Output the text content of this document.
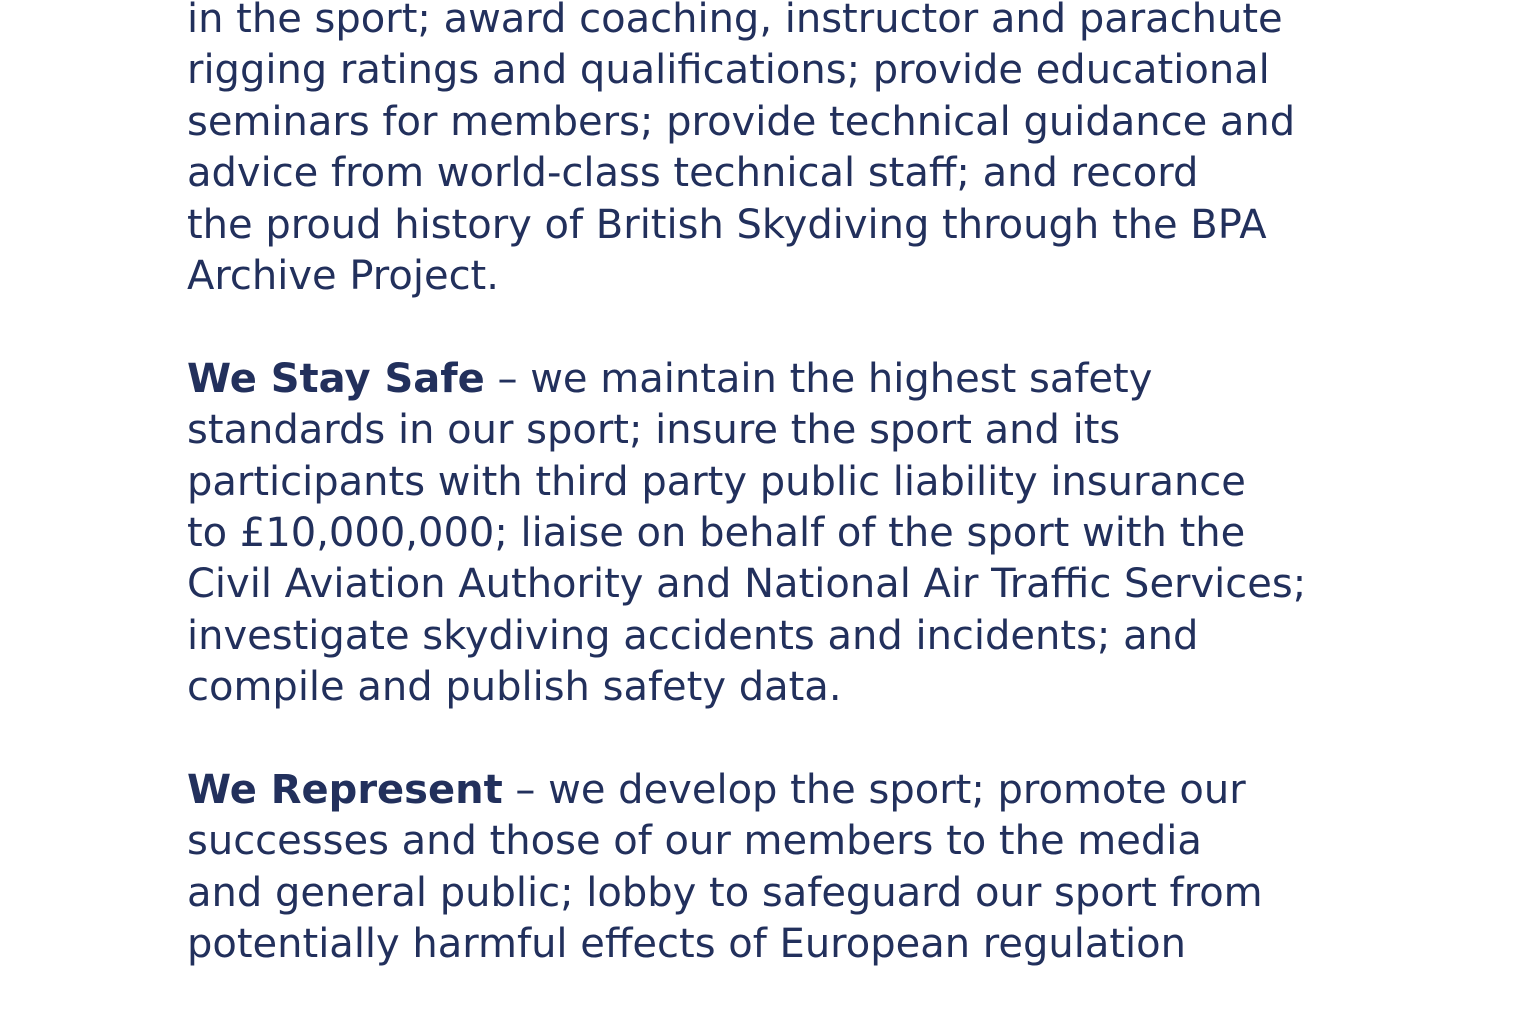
in the sport; award coaching, instructor and parachute
rigging ratings and qualifications; provide educational
seminars for members; provide technical guidance and
advice from world-class technical staff; and record
the proud history of British Skydiving through the BPA
Archive Project.

We Stay Safe – we maintain the highest safety
standards in our sport; insure the sport and its
participants with third party public liability insurance
to £10,000,000; liaise on behalf of the sport with the
Civil Aviation Authority and National Air Traffic Services;
investigate skydiving accidents and incidents; and
compile and publish safety data.

We Represent – we develop the sport; promote our
successes and those of our members to the media
and general public; lobby to safeguard our sport from
potentially harmful effects of European regulation
